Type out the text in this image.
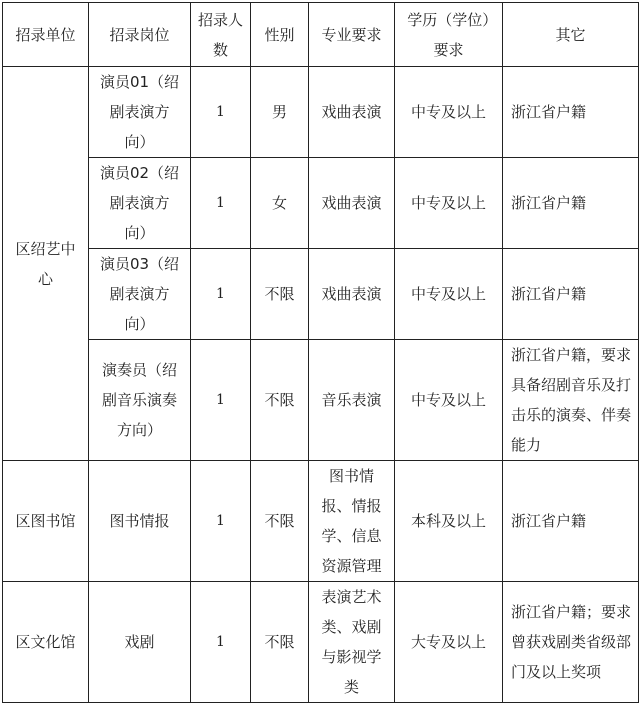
招录单位	招录岗位	招录人数	性别	专业要求	学历（学位）要求	其它
区绍艺中心	演员01（绍剧表演方向）	1	男	戏曲表演	中专及以上	浙江省户籍
	演员02（绍剧表演方向）	1	女	戏曲表演	中专及以上	浙江省户籍
	演员03（绍剧表演方向）	1	不限	戏曲表演	中专及以上	浙江省户籍
	演奏员（绍剧音乐演奏方向）	1	不限	音乐表演	中专及以上	浙江省户籍，要求具备绍剧音乐及打击乐的演奏、伴奏能力
区图书馆	图书情报	1	不限	图书情报、情报学、信息资源管理	本科及以上	浙江省户籍
区文化馆	戏剧	1	不限	表演艺术类、戏剧与影视学类	大专及以上	浙江省户籍；要求曾获戏剧类省级部门及以上奖项
